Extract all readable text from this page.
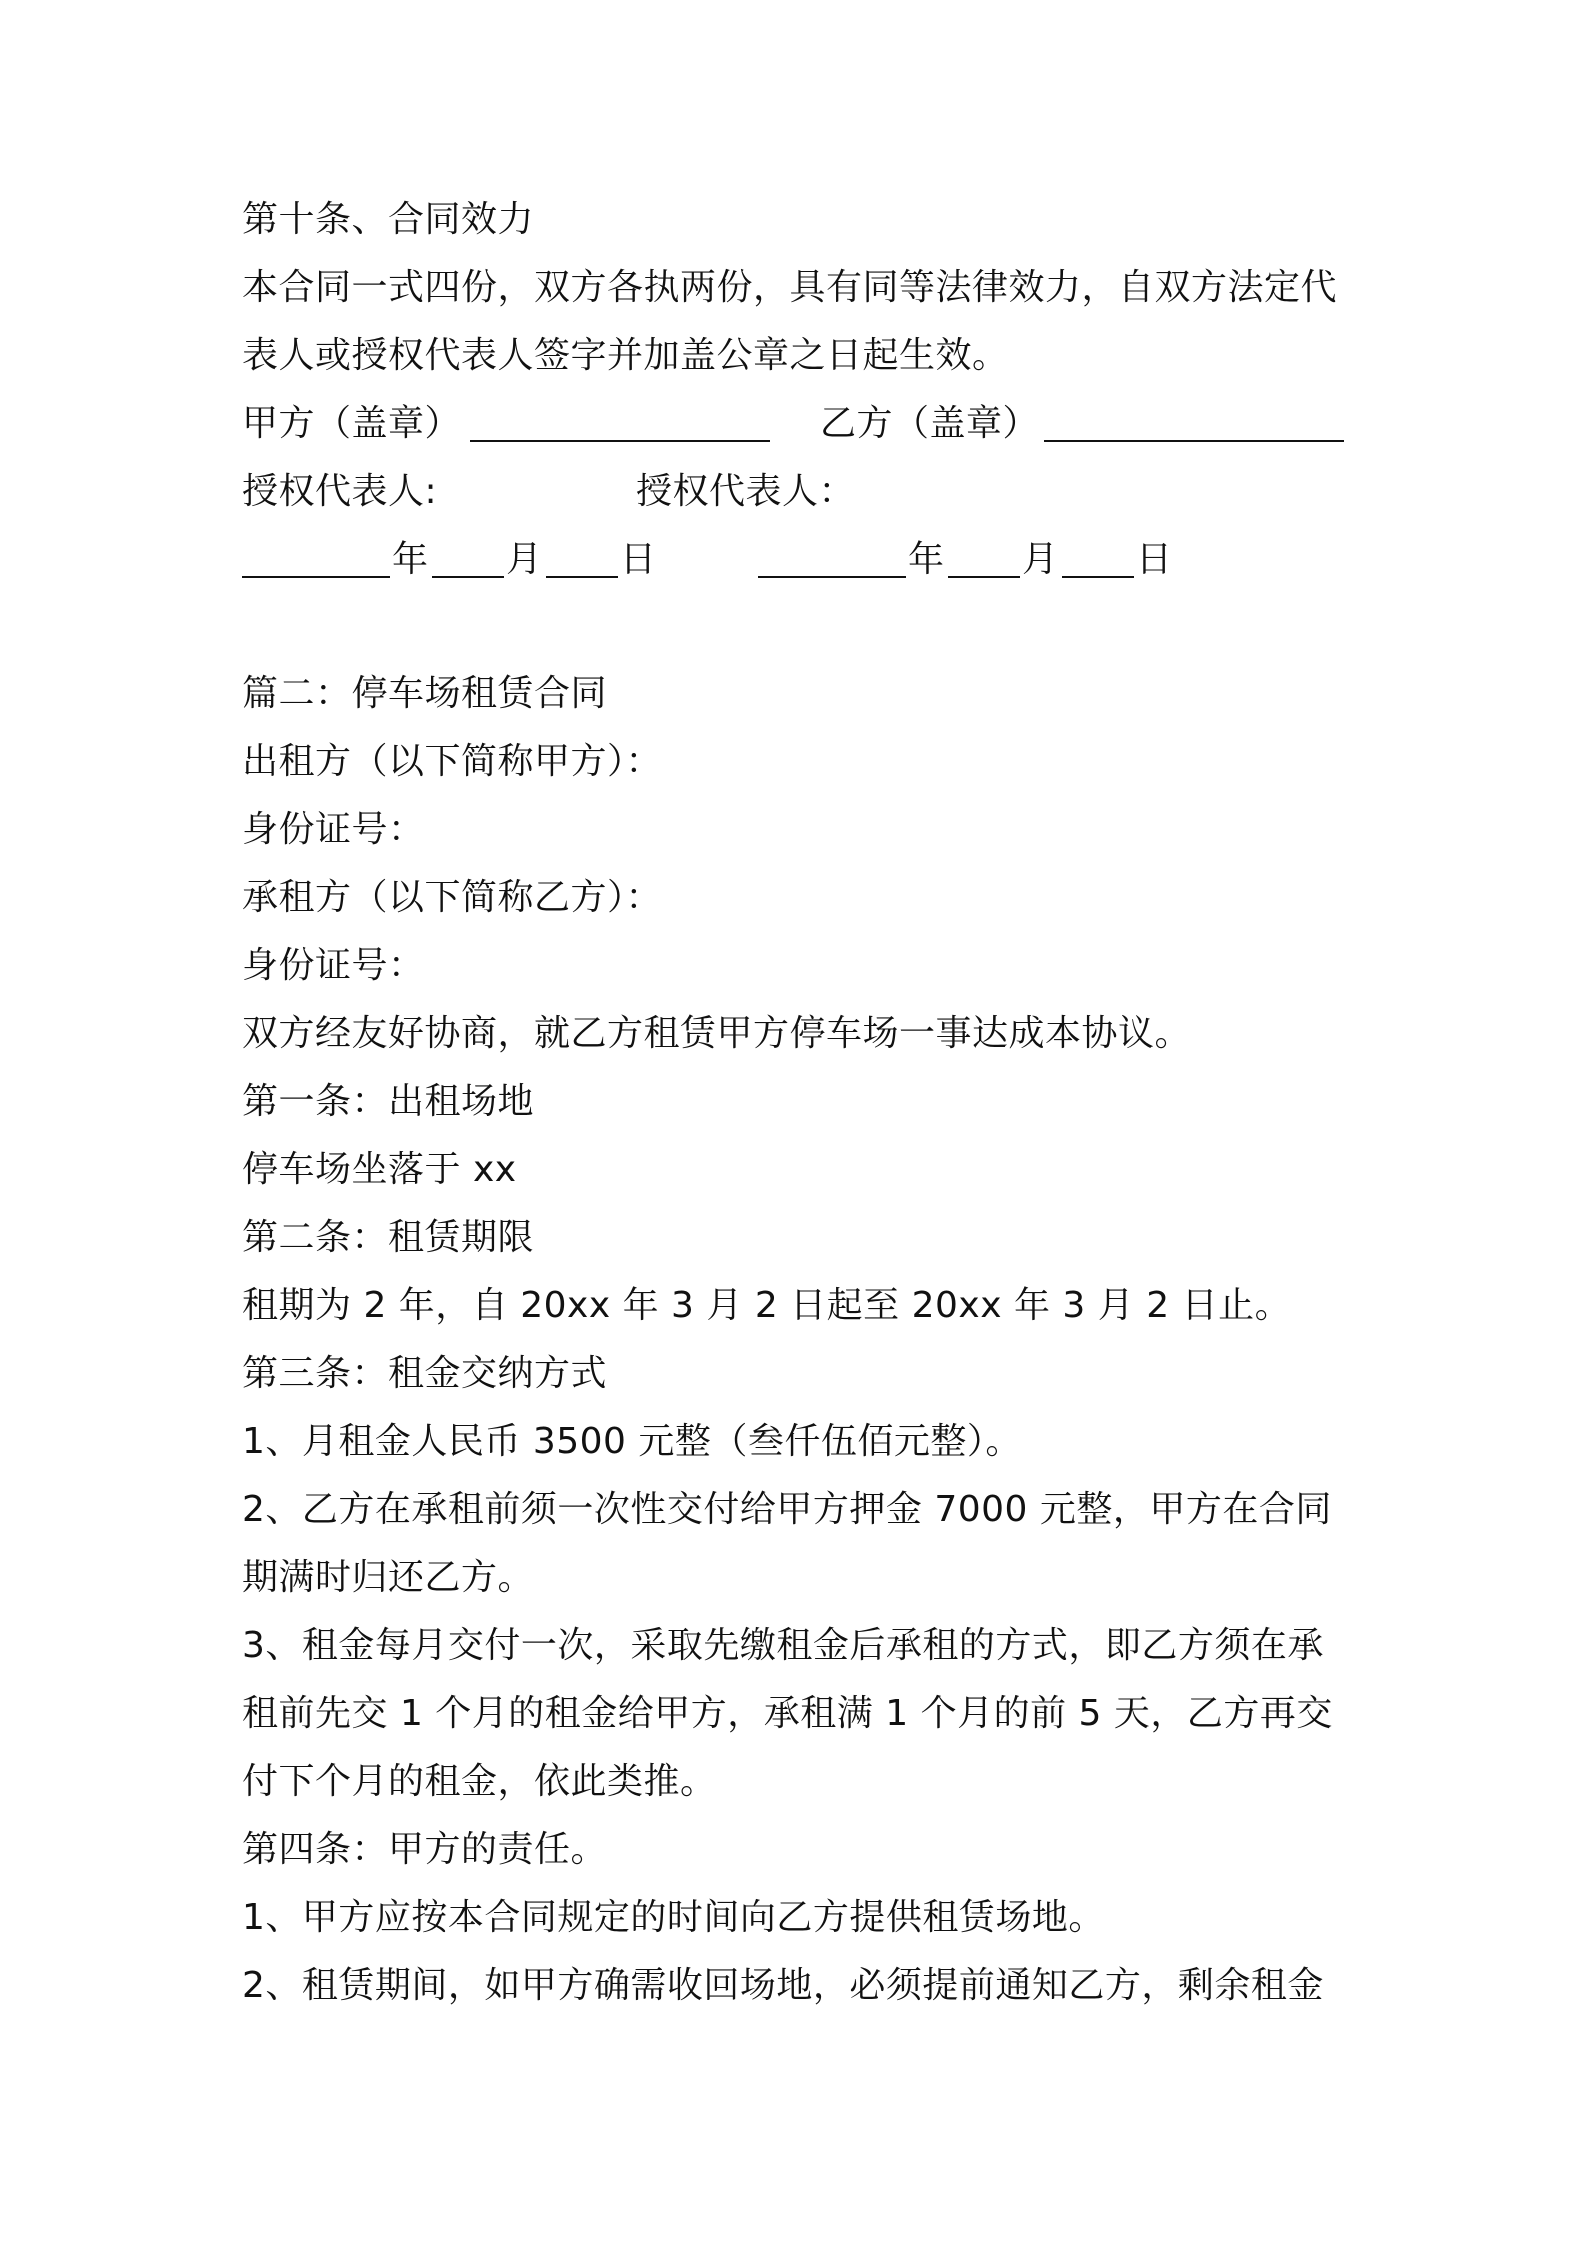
第十条、合同效力
本合同一式四份，双方各执两份，具有同等法律效力，自双方法定代
表人或授权代表人签字并加盖公章之日起生效。
甲方（盖章）	乙方（盖章）
授权代表人:	授权代表人：
年 月 日	年 月 日
篇二：停车场租赁合同
出租方（以下简称甲方）：
身份证号：
承租方（以下简称乙方）：
身份证号：
双方经友好协商，就乙方租赁甲方停车场一事达成本协议。
第一条：出租场地
停车场坐落于 xx
第二条：租赁期限
租期为 2 年，自 20xx 年 3 月 2 日起至 20xx 年 3 月 2 日止。
第三条：租金交纳方式
1、月租金人民币 3500 元整（叁仟伍佰元整）。
2、乙方在承租前须一次性交付给甲方押金 7000 元整，甲方在合同
期满时归还乙方。
3、租金每月交付一次，采取先缴租金后承租的方式，即乙方须在承
租前先交 1 个月的租金给甲方，承租满 1 个月的前 5 天，乙方再交
付下个月的租金，依此类推。
第四条：甲方的责任。
1、甲方应按本合同规定的时间向乙方提供租赁场地。
2、租赁期间，如甲方确需收回场地，必须提前通知乙方，剩余租金
